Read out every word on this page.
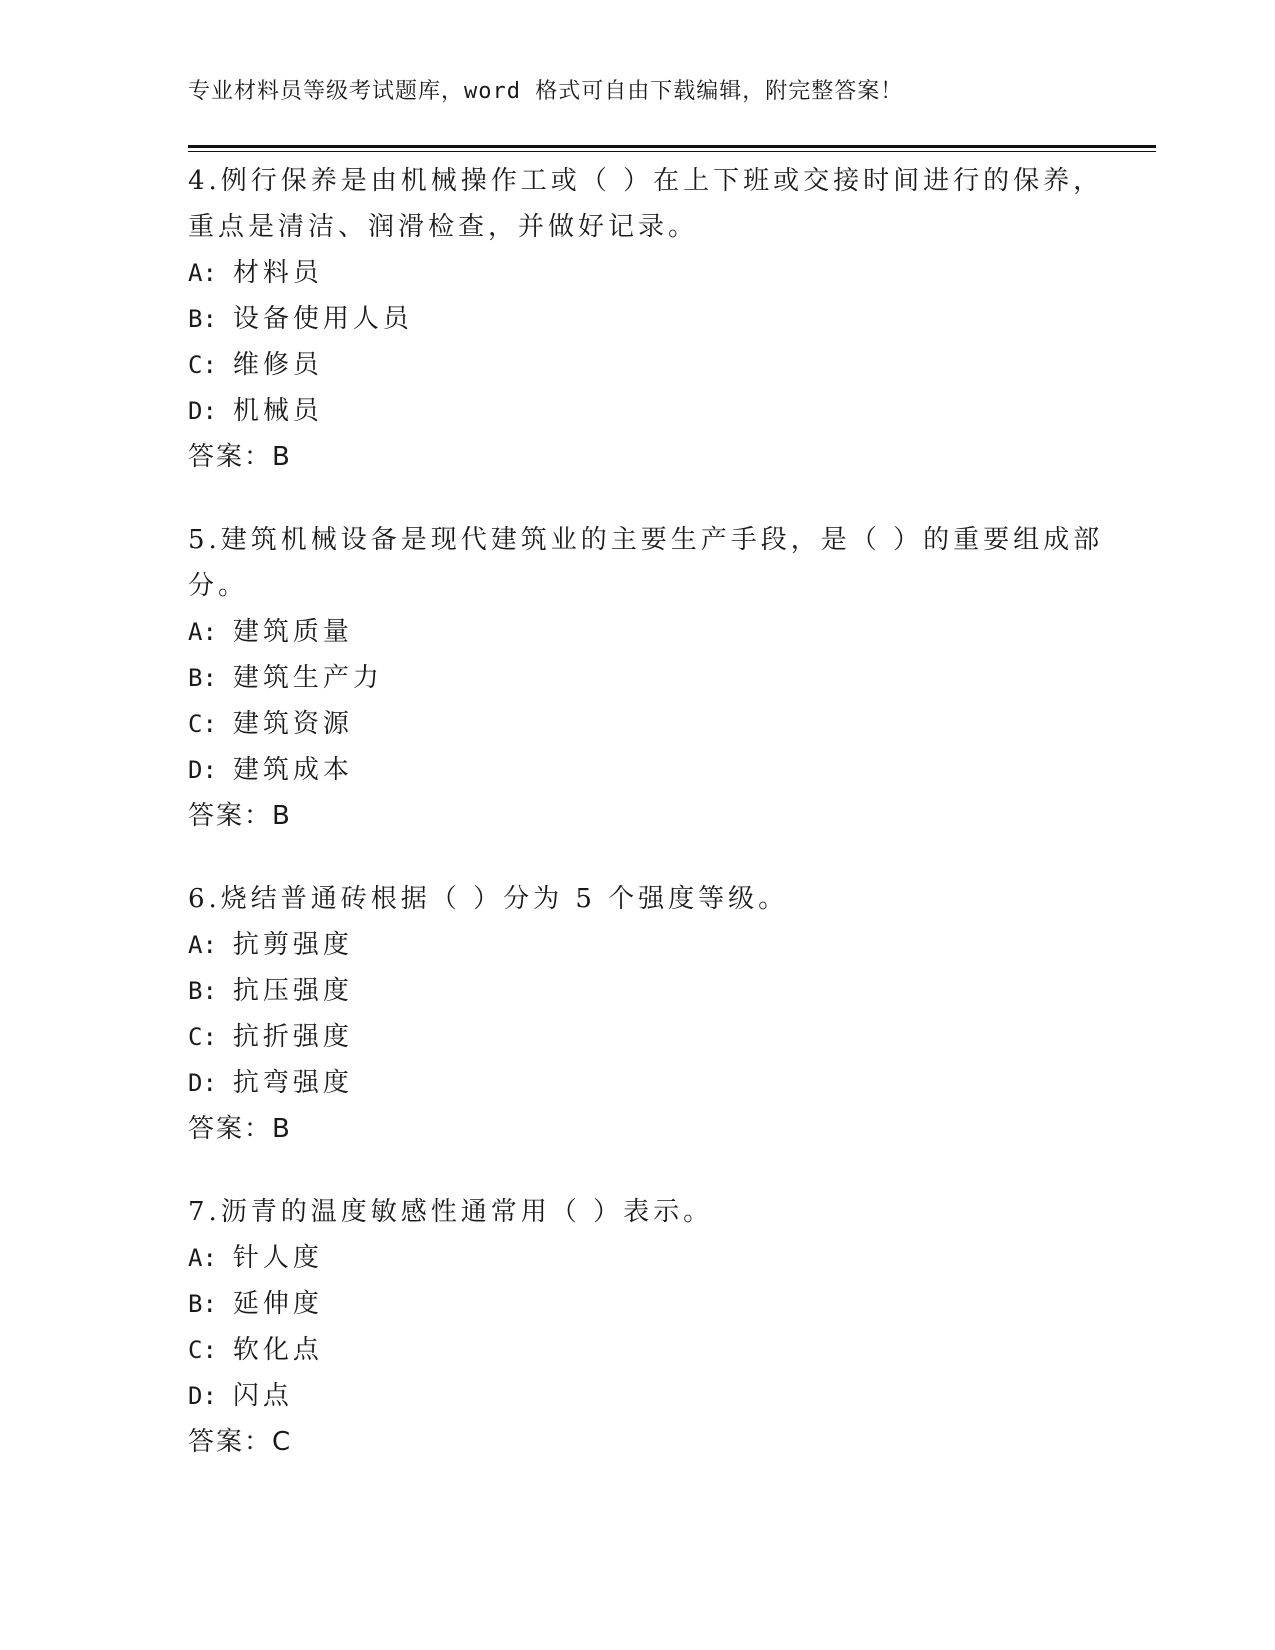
专业材料员等级考试题库，word 格式可自由下载编辑，附完整答案！

4.例行保养是由机械操作工或（ ）在上下班或交接时间进行的保养，

重点是清洁、润滑检查，并做好记录。

A: 材料员

B: 设备使用人员

C: 维修员

D: 机械员

答案：B

5.建筑机械设备是现代建筑业的主要生产手段，是（ ）的重要组成部

分。

A: 建筑质量

B: 建筑生产力

C: 建筑资源

D: 建筑成本

答案：B

6.烧结普通砖根据（ ）分为 5 个强度等级。

A: 抗剪强度

B: 抗压强度

C: 抗折强度

D: 抗弯强度

答案：B

7.沥青的温度敏感性通常用（ ）表示。

A: 针人度

B: 延伸度

C: 软化点

D: 闪点

答案：C
